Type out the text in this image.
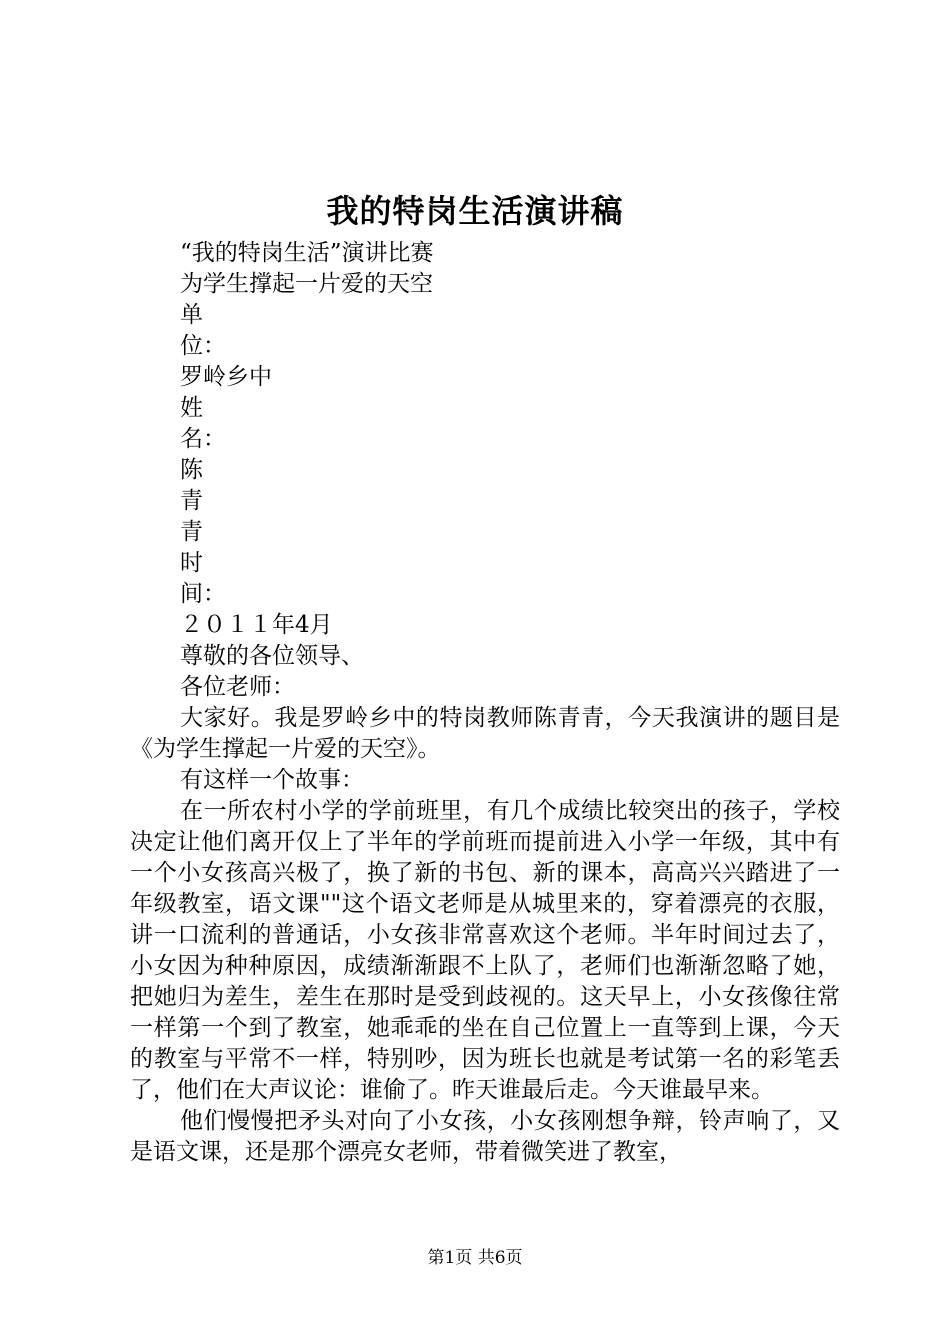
我的特岗生活演讲稿
“我的特岗生活”演讲比赛
为学生撑起一片爱的天空
单
位：
罗岭乡中
姓
名：
陈
青
青
时
间：
２０１１年4月
尊敬的各位领导、
各位老师：
大家好。我是罗岭乡中的特岗教师陈青青，今天我演讲的题目是《为学生撑起一片爱的天空》。
有这样一个故事：
在一所农村小学的学前班里，有几个成绩比较突出的孩子，学校决定让他们离开仅上了半年的学前班而提前进入小学一年级，其中有一个小女孩高兴极了，换了新的书包、新的课本，高高兴兴踏进了一年级教室，语文课""这个语文老师是从城里来的，穿着漂亮的衣服，讲一口流利的普通话，小女孩非常喜欢这个老师。半年时间过去了，小女因为种种原因，成绩渐渐跟不上队了，老师们也渐渐忽略了她，把她归为差生，差生在那时是受到歧视的。这天早上，小女孩像往常一样第一个到了教室，她乖乖的坐在自己位置上一直等到上课，今天的教室与平常不一样，特别吵，因为班长也就是考试第一名的彩笔丢了，他们在大声议论：谁偷了。昨天谁最后走。今天谁最早来。
他们慢慢把矛头对向了小女孩，小女孩刚想争辩，铃声响了，又是语文课，还是那个漂亮女老师，带着微笑进了教室，
第1页 共6页
